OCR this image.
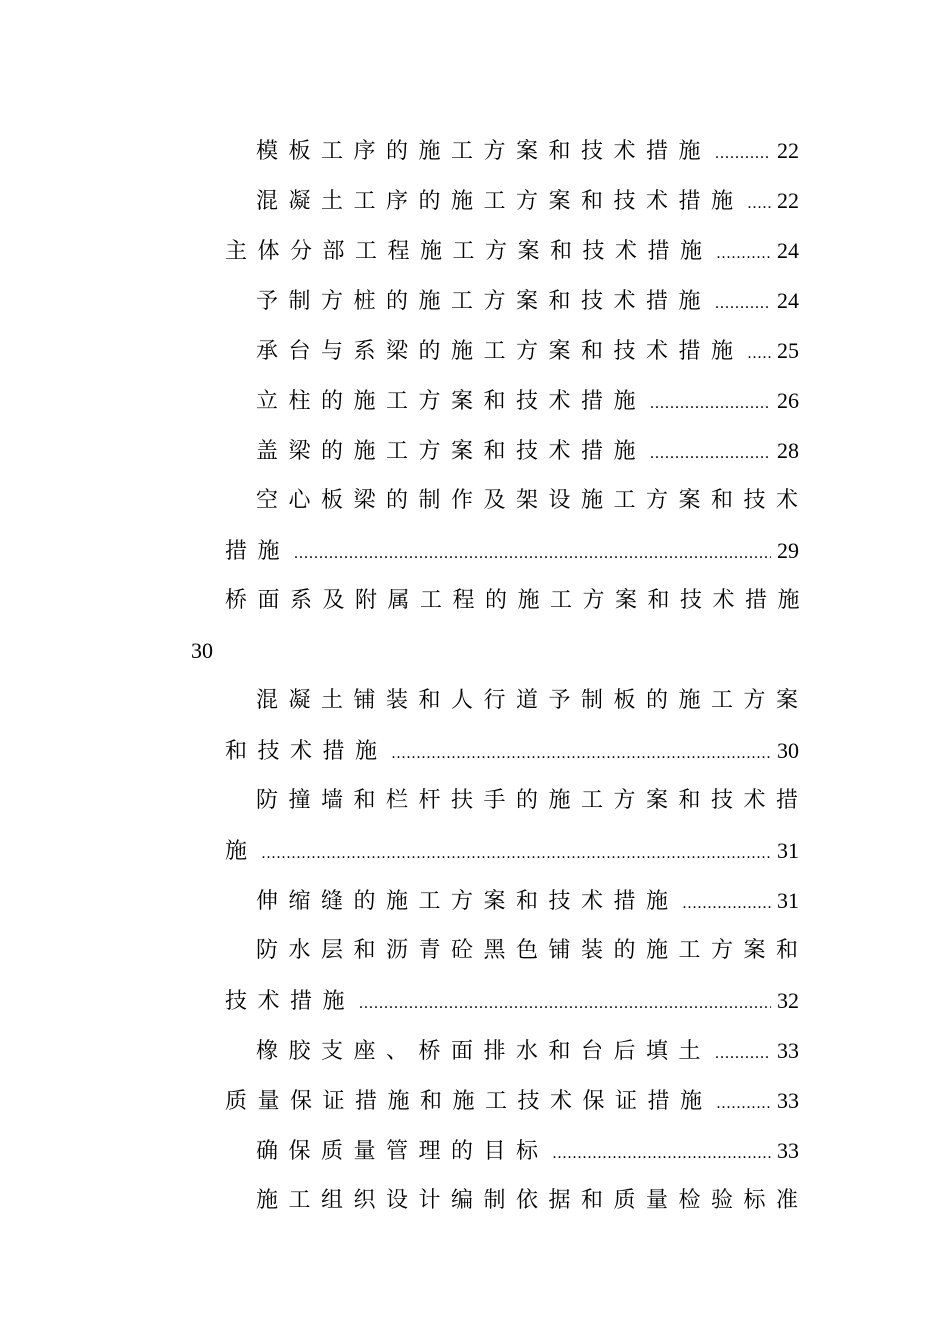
模板工序的施工方案和技术措施 .....	22
混凝土工序的施工方案和技术措施 ..... 22
主体分部工程施工方案和技术措施 .....	24
予制方桩的施工方案和技术措施 .....	24
承台与系梁的施工方案和技术措施 ..... 25
立柱的施工方案和技术措施 .....	26
盖梁的施工方案和技术措施 .....	28
空心板梁的制作及架设施工方案和技术
措施 .....	29
桥面系及附属工程的施工方案和技术措施
30
混凝土铺装和人行道予制板的施工方案
和技术措施 .....	30
防撞墙和栏杆扶手的施工方案和技术措
施 .....	31
伸缩缝的施工方案和技术措施 .....	31
防水层和沥青砼黑色铺装的施工方案和
技术措施 .....	32
橡胶支座、桥面排水和台后填土 .....	33
质量保证措施和施工技术保证措施 .....	33
确保质量管理的目标 .....	33
施工组织设计编制依据和质量检验标准
